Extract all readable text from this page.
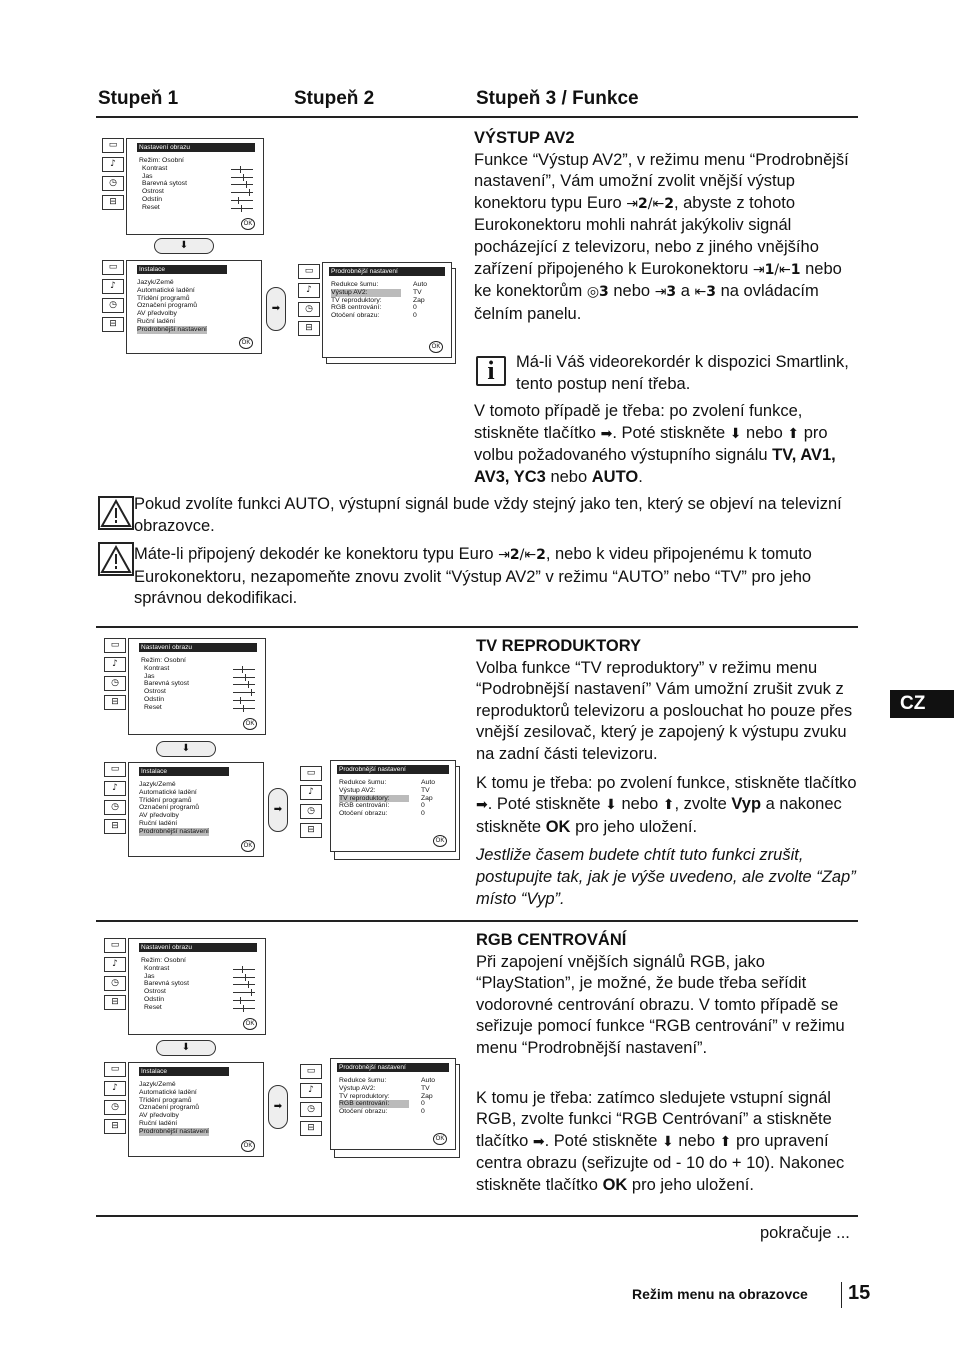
Stupeň 1	Stupeň 2	Stupeň 3 / Funkce
▭
♪
◷
⊟
Nastavení obrazu
Režim: Osobní
Kontrast
Jas
Barevná sytost
Ostrost
Odstín
Reset
OK
⬇
▭
♪
◷
⊟
Instalace
Jazyk/Země
Automatické ladění
Třídění programů
Označení programů
AV předvolby
Ruční ladění
Prodrobnější nastavení
OK
➡
▭
♪
◷
⊟
Prodrobnější nastavení
Redukce šumu:
Výstup AV2:
TV reproduktory:
RGB centrování:
Otočení obrazu:
Auto
TV
Zap
0
0
OK
VÝSTUP AV2
Funkce “Výstup AV2”, v režimu menu “Prodrobnější nastavení”, Vám umožní zvolit vnější výstup konektoru typu Euro ⇥2/⇤2, abyste z tohoto Eurokonektoru mohli nahrát jakýkoliv signál pocházející z televizoru, nebo z jiného vnějšího zařízení připojeného k Eurokonektoru ⇥1/⇤1 nebo ke konektorům ◎3 nebo ⇥3 a ⇤3 na ovládacím čelním panelu.
i	Má-li Váš videorekordér k dispozici Smartlink, tento postup není třeba.
V tomoto případě je třeba: po zvolení funkce, stiskněte tlačítko ➡. Poté stiskněte ⬇ nebo ⬆ pro volbu požadovaného výstupního signálu TV, AV1, AV3, YC3 nebo AUTO.
Pokud zvolíte funkci AUTO, výstupní signál bude vždy stejný jako ten, který se objeví na televizní obrazovce.
Máte-li připojený dekodér ke konektoru typu Euro ⇥2/⇤2, nebo k videu připojenému k tomuto Eurokonektoru, nezapomeňte znovu zvolit “Výstup AV2” v režimu “AUTO” nebo “TV” pro jeho správnou dekodifikaci.
▭
♪
◷
⊟
Nastavení obrazu
Režim: Osobní
Kontrast
Jas
Barevná sytost
Ostrost
Odstín
Reset
OK
⬇
▭
♪
◷
⊟
Instalace
Jazyk/Země
Automatické ladění
Třídění programů
Označení programů
AV předvolby
Ruční ladění
Prodrobnější nastavení
OK
➡
▭
♪
◷
⊟
Prodrobnější nastavení
Redukce šumu:
Výstup AV2:
TV reproduktory:
RGB centrování:
Otočení obrazu:
Auto
TV
Zap
0
0
OK
TV REPRODUKTORY
Volba funkce “TV reproduktory” v režimu menu “Podrobnější nastavení” Vám umožní zrušit zvuk z reproduktorů televizoru a poslouchat ho pouze přes vnější zesilovač, který je zapojený k výstupu zvuku na zadní části televizoru.
K tomu je třeba: po zvolení funkce, stiskněte tlačítko ➡. Poté stiskněte ⬇ nebo ⬆, zvolte Vyp a nakonec stiskněte OK pro jeho uložení.
Jestliže časem budete chtít tuto funkci zrušit, postupujte tak, jak je výše uvedeno, ale zvolte “Zap” místo “Vyp”.
▭
♪
◷
⊟
Nastavení obrazu
Režim: Osobní
Kontrast
Jas
Barevná sytost
Ostrost
Odstín
Reset
OK
⬇
▭
♪
◷
⊟
Instalace
Jazyk/Země
Automatické ladění
Třídění programů
Označení programů
AV předvolby
Ruční ladění
Prodrobnější nastavení
OK
➡
▭
♪
◷
⊟
Prodrobnější nastavení
Redukce šumu:
Výstup AV2:
TV reproduktory:
RGB centrování:
Otočení obrazu:
Auto
TV
Zap
0
0
OK
RGB CENTROVÁNÍ
Při zapojení vnějších signálů RGB, jako “PlayStation”, je možné, že bude třeba seřídit vodorovné centrování obrazu. V tomto případě se seřizuje pomocí funkce “RGB centrování” v režimu menu “Prodrobnější nastavení”.
K tomu je třeba: zatímco sledujete vstupní signál RGB, zvolte funkci “RGB Centróvaní” a stiskněte tlačítko ➡. Poté stiskněte ⬇ nebo ⬆ pro upravení centra obrazu (seřizujte od - 10 do + 10). Nakonec stiskněte tlačítko OK pro jeho uložení.
CZ
pokračuje ...
Režim menu na obrazovce 15
